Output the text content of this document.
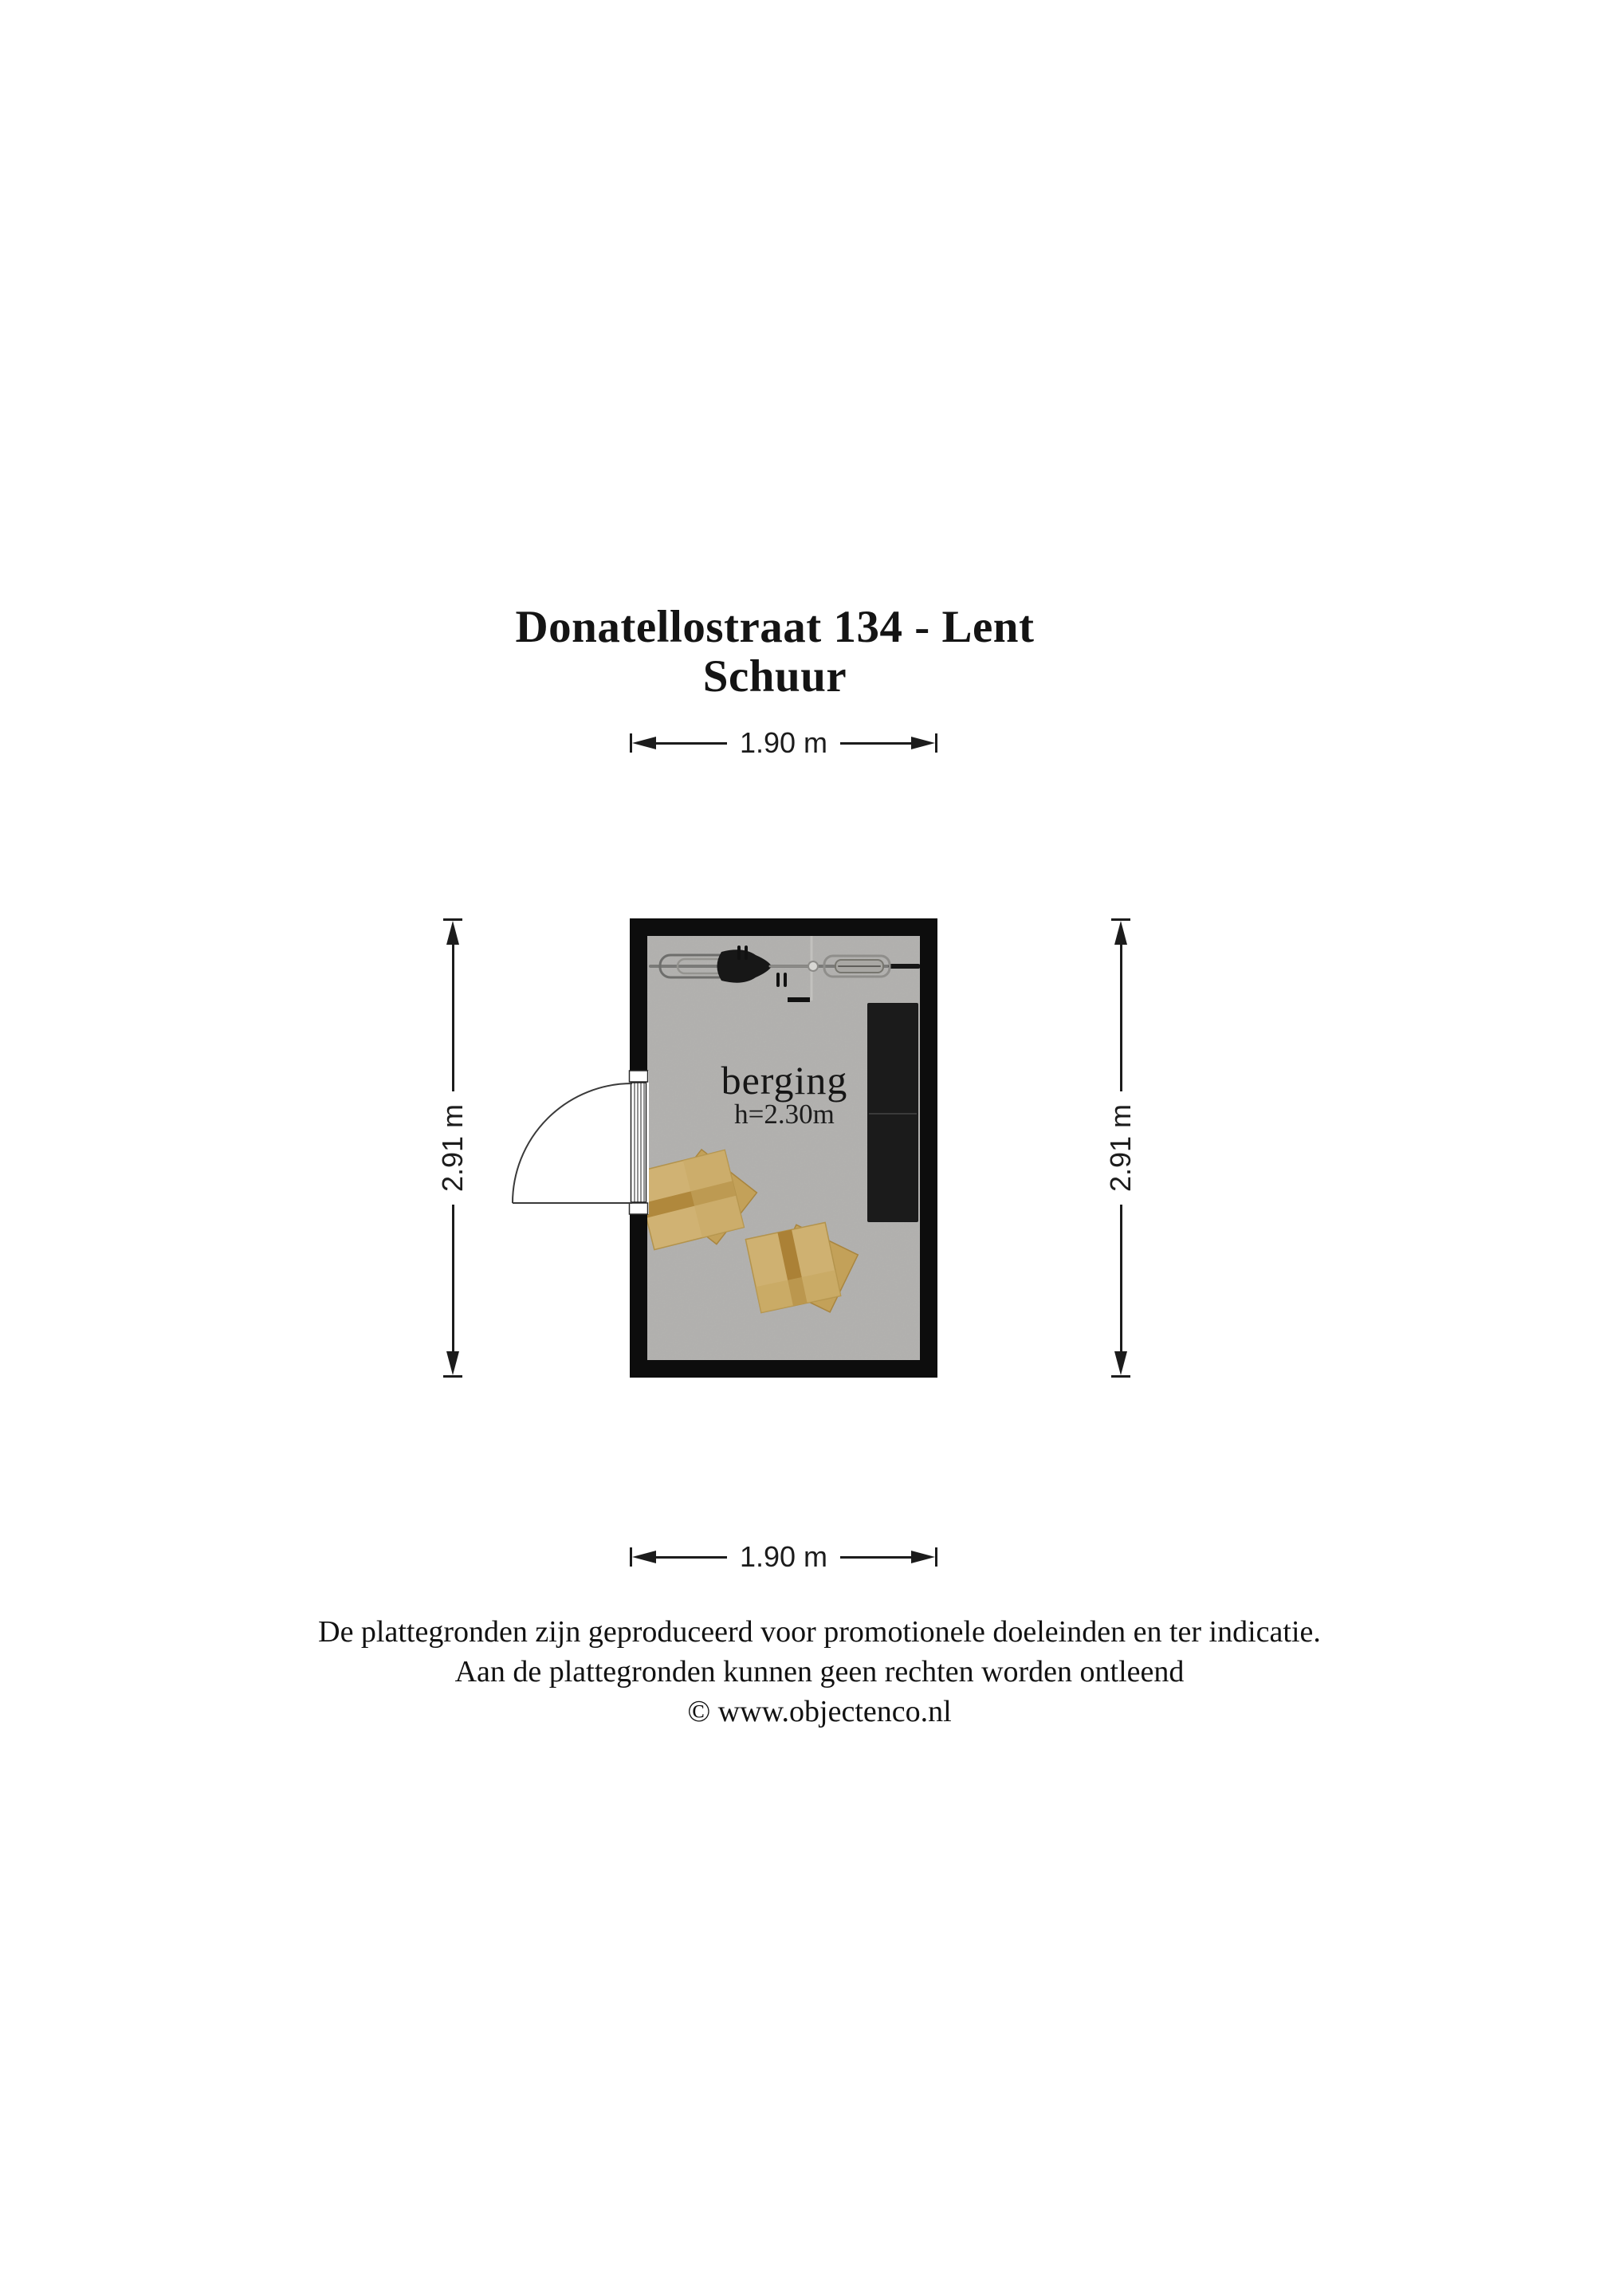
Donatellostraat 134 - Lent
Schuur
1.90 m
1.90 m
2.91 m	2.91 m
berging
h=2.30m
De plattegronden zijn geproduceerd voor promotionele doeleinden en ter indicatie.
Aan de plattegronden kunnen geen rechten worden ontleend
© www.objectenco.nl
